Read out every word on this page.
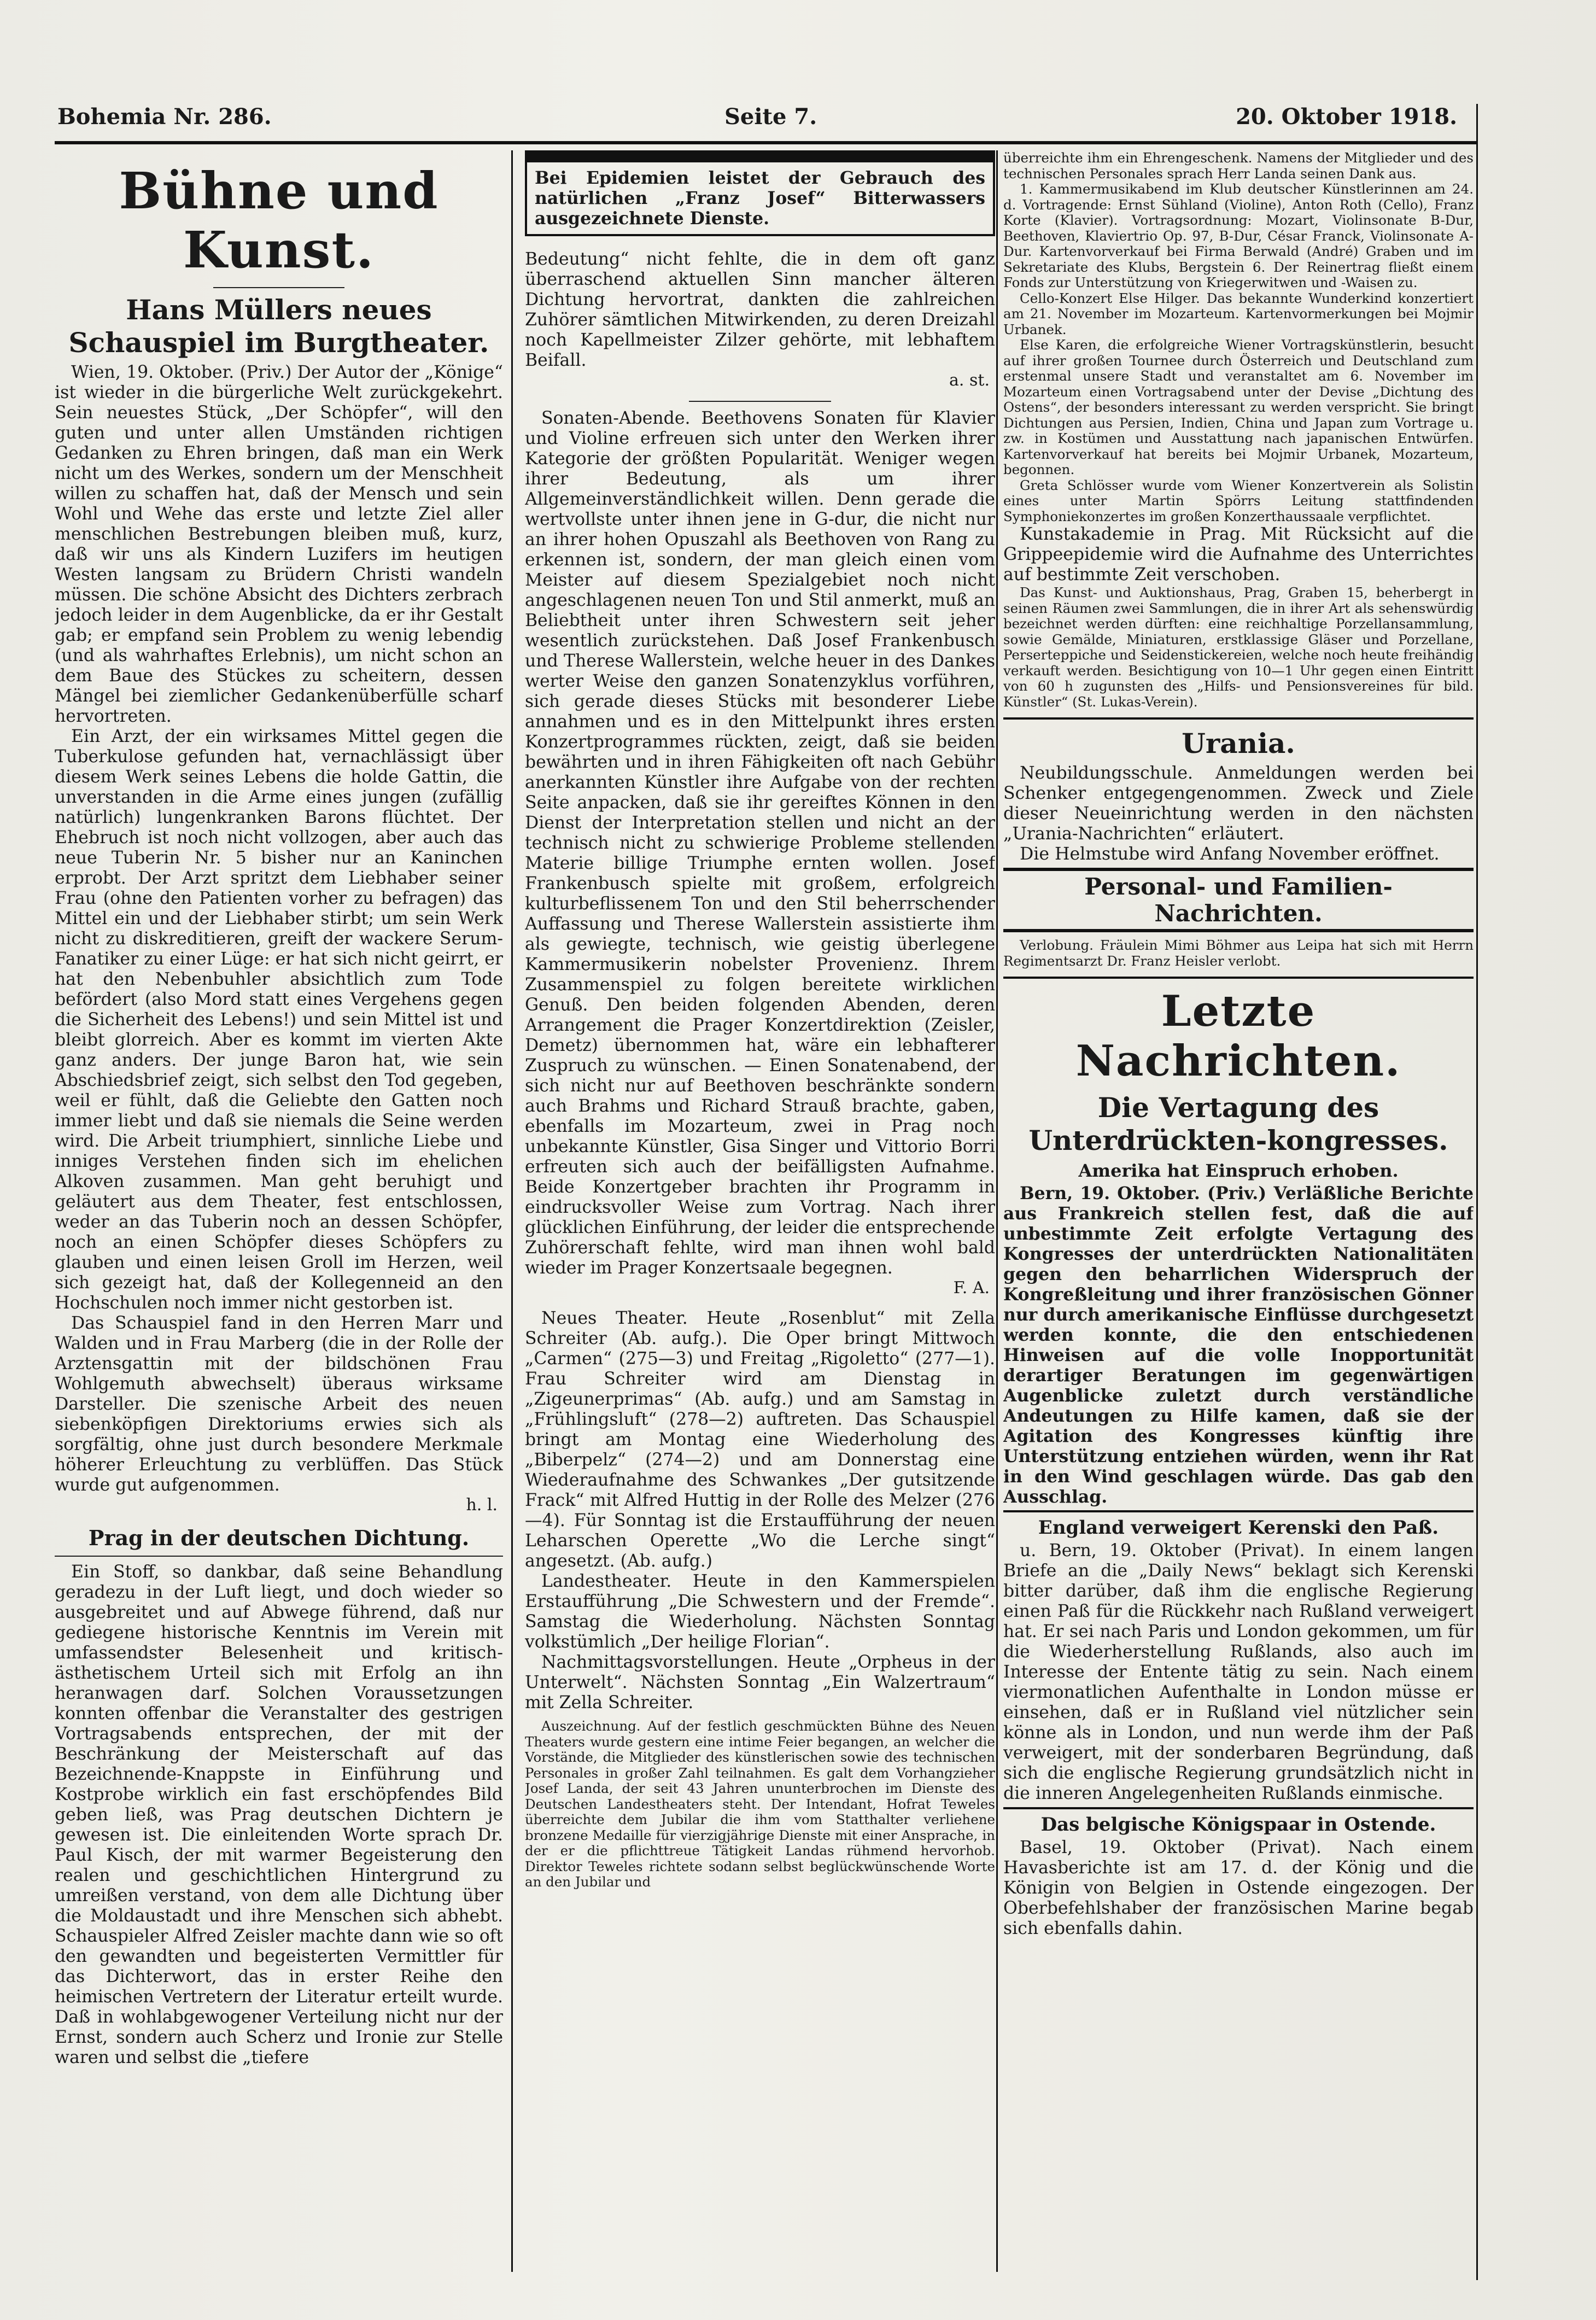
Bohemia Nr. 286.	Seite 7.	20. Oktober 1918.
Bühne und Kunst.
Hans Müllers neues Schauspiel im Burgtheater.

Wien, 19. Oktober. (Priv.) Der Autor der „Könige“ ist wieder in die bürgerliche Welt zurückgekehrt. Sein neuestes Stück, „Der Schöpfer“, will den guten und unter allen Umständen richtigen Gedanken zu Ehren bringen, daß man ein Werk nicht um des Werkes, sondern um der Menschheit willen zu schaffen hat, daß der Mensch und sein Wohl und Wehe das erste und letzte Ziel aller menschlichen Bestrebungen bleiben muß, kurz, daß wir uns als Kindern Luzifers im heutigen Westen langsam zu Brüdern Christi wandeln müssen. Die schöne Absicht des Dichters zerbrach jedoch leider in dem Augenblicke, da er ihr Gestalt gab; er empfand sein Problem zu wenig lebendig (und als wahrhaftes Erlebnis), um nicht schon an dem Baue des Stückes zu scheitern, dessen Mängel bei ziemlicher Gedankenüberfülle scharf hervortreten.

Ein Arzt, der ein wirksames Mittel gegen die Tuberkulose gefunden hat, vernachlässigt über diesem Werk seines Lebens die holde Gattin, die unverstanden in die Arme eines jungen (zufällig natürlich) lungenkranken Barons flüchtet. Der Ehebruch ist noch nicht vollzogen, aber auch das neue Tuberin Nr. 5 bisher nur an Kaninchen erprobt. Der Arzt spritzt dem Liebhaber seiner Frau (ohne den Patienten vorher zu befragen) das Mittel ein und der Liebhaber stirbt; um sein Werk nicht zu diskreditieren, greift der wackere Serum-Fanatiker zu einer Lüge: er hat sich nicht geirrt, er hat den Nebenbuhler absichtlich zum Tode befördert (also Mord statt eines Vergehens gegen die Sicherheit des Lebens!) und sein Mittel ist und bleibt glorreich. Aber es kommt im vierten Akte ganz anders. Der junge Baron hat, wie sein Abschiedsbrief zeigt, sich selbst den Tod gegeben, weil er fühlt, daß die Geliebte den Gatten noch immer liebt und daß sie niemals die Seine werden wird. Die Arbeit triumphiert, sinnliche Liebe und inniges Verstehen finden sich im ehelichen Alkoven zusammen. Man geht beruhigt und geläutert aus dem Theater, fest entschlossen, weder an das Tuberin noch an dessen Schöpfer, noch an einen Schöpfer dieses Schöpfers zu glauben und einen leisen Groll im Herzen, weil sich gezeigt hat, daß der Kollegenneid an den Hochschulen noch immer nicht gestorben ist.

Das Schauspiel fand in den Herren Marr und Walden und in Frau Marberg (die in der Rolle der Arztensgattin mit der bildschönen Frau Wohlgemuth abwechselt) überaus wirksame Darsteller. Die szenische Arbeit des neuen siebenköpfigen Direktoriums erwies sich als sorgfältig, ohne just durch besondere Merkmale höherer Erleuchtung zu verblüffen. Das Stück wurde gut aufgenommen.

h. l.
Prag in der deutschen Dichtung.

Ein Stoff, so dankbar, daß seine Behandlung geradezu in der Luft liegt, und doch wieder so ausgebreitet und auf Abwege führend, daß nur gediegene historische Kenntnis im Verein mit umfassendster Belesenheit und kritisch-ästhetischem Urteil sich mit Erfolg an ihn heranwagen darf. Solchen Voraussetzungen konnten offenbar die Veranstalter des gestrigen Vortragsabends entsprechen, der mit der Beschränkung der Meisterschaft auf das Bezeichnende-Knappste in Einführung und Kostprobe wirklich ein fast erschöpfendes Bild geben ließ, was Prag deutschen Dichtern je gewesen ist. Die einleitenden Worte sprach Dr. Paul Kisch, der mit warmer Begeisterung den realen und geschichtlichen Hintergrund zu umreißen verstand, von dem alle Dichtung über die Moldaustadt und ihre Menschen sich abhebt. Schauspieler Alfred Zeisler machte dann wie so oft den gewandten und begeisterten Vermittler für das Dichterwort, das in erster Reihe den heimischen Vertretern der Literatur erteilt wurde. Daß in wohlabgewogener Verteilung nicht nur der Ernst, sondern auch Scherz und Ironie zur Stelle waren und selbst die „tiefere

Bei Epidemien leistet der Gebrauch des natürlichen „Franz Josef“ Bitterwassers ausgezeichnete Dienste.

Bedeutung“ nicht fehlte, die in dem oft ganz überraschend aktuellen Sinn mancher älteren Dichtung hervortrat, dankten die zahlreichen Zuhörer sämtlichen Mitwirkenden, zu deren Dreizahl noch Kapellmeister Zilzer gehörte, mit lebhaftem Beifall.

a. st.

Sonaten-Abende. Beethovens Sonaten für Klavier und Violine erfreuen sich unter den Werken ihrer Kategorie der größten Popularität. Weniger wegen ihrer Bedeutung, als um ihrer Allgemeinverständlichkeit willen. Denn gerade die wertvollste unter ihnen jene in G-dur, die nicht nur an ihrer hohen Opuszahl als Beethoven von Rang zu erkennen ist, sondern, der man gleich einen vom Meister auf diesem Spezialgebiet noch nicht angeschlagenen neuen Ton und Stil anmerkt, muß an Beliebtheit unter ihren Schwestern seit jeher wesentlich zurückstehen. Daß Josef Frankenbusch und Therese Wallerstein, welche heuer in des Dankes werter Weise den ganzen Sonatenzyklus vorführen, sich gerade dieses Stücks mit besonderer Liebe annahmen und es in den Mittelpunkt ihres ersten Konzertprogrammes rückten, zeigt, daß sie beiden bewährten und in ihren Fähigkeiten oft nach Gebühr anerkannten Künstler ihre Aufgabe von der rechten Seite anpacken, daß sie ihr gereiftes Können in den Dienst der Interpretation stellen und nicht an der technisch nicht zu schwierige Probleme stellenden Materie billige Triumphe ernten wollen. Josef Frankenbusch spielte mit großem, erfolgreich kulturbeflissenem Ton und den Stil beherrschender Auffassung und Therese Wallerstein assistierte ihm als gewiegte, technisch, wie geistig überlegene Kammermusikerin nobelster Provenienz. Ihrem Zusammenspiel zu folgen bereitete wirklichen Genuß. Den beiden folgenden Abenden, deren Arrangement die Prager Konzertdirektion (Zeisler, Demetz) übernommen hat, wäre ein lebhafterer Zuspruch zu wünschen. — Einen Sonatenabend, der sich nicht nur auf Beethoven beschränkte sondern auch Brahms und Richard Strauß brachte, gaben, ebenfalls im Mozarteum, zwei in Prag noch unbekannte Künstler, Gisa Singer und Vittorio Borri erfreuten sich auch der beifälligsten Aufnahme. Beide Konzertgeber brachten ihr Programm in eindrucksvoller Weise zum Vortrag. Nach ihrer glücklichen Einführung, der leider die entsprechende Zuhörerschaft fehlte, wird man ihnen wohl bald wieder im Prager Konzertsaale begegnen.

F. A.

Neues Theater. Heute „Rosenblut“ mit Zella Schreiter (Ab. aufg.). Die Oper bringt Mittwoch „Carmen“ (275—3) und Freitag „Rigoletto“ (277—1). Frau Schreiter wird am Dienstag in „Zigeunerprimas“ (Ab. aufg.) und am Samstag in „Frühlingsluft“ (278—2) auftreten. Das Schauspiel bringt am Montag eine Wiederholung des „Biberpelz“ (274—2) und am Donnerstag eine Wiederaufnahme des Schwankes „Der gutsitzende Frack“ mit Alfred Huttig in der Rolle des Melzer (276—4). Für Sonntag ist die Erstaufführung der neuen Leharschen Operette „Wo die Lerche singt“ angesetzt. (Ab. aufg.)

Landestheater. Heute in den Kammerspielen Erstaufführung „Die Schwestern und der Fremde“. Samstag die Wiederholung. Nächsten Sonntag volkstümlich „Der heilige Florian“.

Nachmittagsvorstellungen. Heute „Orpheus in der Unterwelt“. Nächsten Sonntag „Ein Walzertraum“ mit Zella Schreiter.

Auszeichnung. Auf der festlich geschmückten Bühne des Neuen Theaters wurde gestern eine intime Feier begangen, an welcher die Vorstände, die Mitglieder des künstlerischen sowie des technischen Personales in großer Zahl teilnahmen. Es galt dem Vorhangzieher Josef Landa, der seit 43 Jahren ununterbrochen im Dienste des Deutschen Landestheaters steht. Der Intendant, Hofrat Teweles überreichte dem Jubilar die ihm vom Statthalter verliehene bronzene Medaille für vierzigjährige Dienste mit einer Ansprache, in der er die pflichttreue Tätigkeit Landas rühmend hervorhob. Direktor Teweles richtete sodann selbst beglückwünschende Worte an den Jubilar und

überreichte ihm ein Ehrengeschenk. Namens der Mitglieder und des technischen Personales sprach Herr Landa seinen Dank aus.

1. Kammermusikabend im Klub deutscher Künstlerinnen am 24. d. Vortragende: Ernst Sühland (Violine), Anton Roth (Cello), Franz Korte (Klavier). Vortragsordnung: Mozart, Violinsonate B-Dur, Beethoven, Klaviertrio Op. 97, B-Dur, César Franck, Violinsonate A-Dur. Kartenvorverkauf bei Firma Berwald (André) Graben und im Sekretariate des Klubs, Bergstein 6. Der Reinertrag fließt einem Fonds zur Unterstützung von Kriegerwitwen und -Waisen zu.

Cello-Konzert Else Hilger. Das bekannte Wunderkind konzertiert am 21. November im Mozarteum. Kartenvormerkungen bei Mojmir Urbanek.

Else Karen, die erfolgreiche Wiener Vortragskünstlerin, besucht auf ihrer großen Tournee durch Österreich und Deutschland zum erstenmal unsere Stadt und veranstaltet am 6. November im Mozarteum einen Vortragsabend unter der Devise „Dichtung des Ostens“, der besonders interessant zu werden verspricht. Sie bringt Dichtungen aus Persien, Indien, China und Japan zum Vortrage u. zw. in Kostümen und Ausstattung nach japanischen Entwürfen. Kartenvorverkauf hat bereits bei Mojmir Urbanek, Mozarteum, begonnen.

Greta Schlösser wurde vom Wiener Konzertverein als Solistin eines unter Martin Spörrs Leitung stattfindenden Symphoniekonzertes im großen Konzerthaussaale verpflichtet.

Kunstakademie in Prag. Mit Rücksicht auf die Grippeepidemie wird die Aufnahme des Unterrichtes auf bestimmte Zeit verschoben.

Das Kunst- und Auktionshaus, Prag, Graben 15, beherbergt in seinen Räumen zwei Sammlungen, die in ihrer Art als sehenswürdig bezeichnet werden dürften: eine reichhaltige Porzellansammlung, sowie Gemälde, Miniaturen, erstklassige Gläser und Porzellane, Perserteppiche und Seidenstickereien, welche noch heute freihändig verkauft werden. Besichtigung von 10—1 Uhr gegen einen Eintritt von 60 h zugunsten des „Hilfs- und Pensionsvereines für bild. Künstler“ (St. Lukas-Verein).

Urania.

Neubildungsschule. Anmeldungen werden bei Schenker entgegengenommen. Zweck und Ziele dieser Neueinrichtung werden in den nächsten „Urania-Nachrichten“ erläutert.

Die Helmstube wird Anfang November eröffnet.

Personal- und Familien-Nachrichten.

Verlobung. Fräulein Mimi Böhmer aus Leipa hat sich mit Herrn Regimentsarzt Dr. Franz Heisler verlobt.

Letzte Nachrichten.
Die Vertagung des Unterdrückten-kongresses.
Amerika hat Einspruch erhoben.

Bern, 19. Oktober. (Priv.) Verläßliche Berichte aus Frankreich stellen fest, daß die auf unbestimmte Zeit erfolgte Vertagung des Kongresses der unterdrückten Nationalitäten gegen den beharrlichen Widerspruch der Kongreßleitung und ihrer französischen Gönner nur durch amerikanische Einflüsse durchgesetzt werden konnte, die den entschiedenen Hinweisen auf die volle Inopportunität derartiger Beratungen im gegenwärtigen Augenblicke zuletzt durch verständliche Andeutungen zu Hilfe kamen, daß sie der Agitation des Kongresses künftig ihre Unterstützung entziehen würden, wenn ihr Rat in den Wind geschlagen würde. Das gab den Ausschlag.

England verweigert Kerenski den Paß.

u. Bern, 19. Oktober (Privat). In einem langen Briefe an die „Daily News“ beklagt sich Kerenski bitter darüber, daß ihm die englische Regierung einen Paß für die Rückkehr nach Rußland verweigert hat. Er sei nach Paris und London gekommen, um für die Wiederherstellung Rußlands, also auch im Interesse der Entente tätig zu sein. Nach einem viermonatlichen Aufenthalte in London müsse er einsehen, daß er in Rußland viel nützlicher sein könne als in London, und nun werde ihm der Paß verweigert, mit der sonderbaren Begründung, daß sich die englische Regierung grundsätzlich nicht in die inneren Angelegenheiten Rußlands einmische.

Das belgische Königspaar in Ostende.

Basel, 19. Oktober (Privat). Nach einem Havasberichte ist am 17. d. der König und die Königin von Belgien in Ostende eingezogen. Der Oberbefehlshaber der französischen Marine begab sich ebenfalls dahin.
